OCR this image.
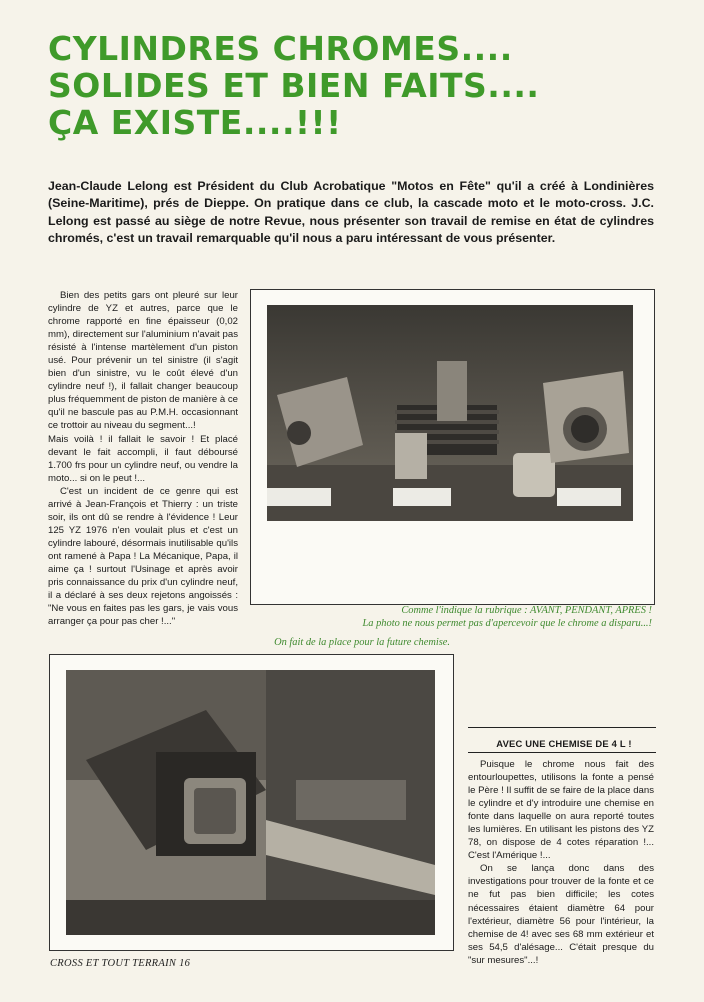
CYLINDRES CHROMES....
SOLIDES ET BIEN FAITS....
ÇA EXISTE....!!!

Jean-Claude Lelong est Président du Club Acrobatique "Motos en Fête" qu'il a créé à Londinières (Seine-Maritime), prés de Dieppe. On pratique dans ce club, la cascade moto et le moto-cross. J.C. Lelong est passé au siège de notre Revue, nous présenter son travail de remise en état de cylindres chromés, c'est un travail remarquable qu'il nous a paru intéressant de vous présenter.

Bien des petits gars ont pleuré sur leur cylindre de YZ et autres, parce que le chrome rapporté en fine épaisseur (0,02 mm), directement sur l'aluminium n'avait pas résisté à l'intense martèlement d'un piston usé. Pour prévenir un tel sinistre (il s'agit bien d'un sinistre, vu le coût élevé d'un cylindre neuf !), il fallait changer beaucoup plus fréquemment de piston de manière à ce qu'il ne bascule pas au P.M.H. occasionnant ce trottoir au niveau du segment...!

Mais voilà ! il fallait le savoir ! Et placé devant le fait accompli, il faut déboursé 1.700 frs pour un cylindre neuf, ou vendre la moto... si on le peut !...

C'est un incident de ce genre qui est arrivé à Jean-François et Thierry : un triste soir, ils ont dû se rendre à l'évidence ! Leur 125 YZ 1976 n'en voulait plus et c'est un cylindre labouré, désormais inutilisable qu'ils ont ramené à Papa ! La Mécanique, Papa, il aime ça ! surtout l'Usinage et après avoir pris connaissance du prix d'un cylindre neuf, il a déclaré à ses deux rejetons angoissés : "Ne vous en faites pas les gars, je vais vous arranger ça pour pas cher !..."

Comme l'indique la rubrique : AVANT, PENDANT, APRES !
La photo ne nous permet pas d'apercevoir que le chrome a disparu...!
On fait de la place pour la future chemise.
AVEC UNE CHEMISE DE 4 L !

Puisque le chrome nous fait des entourloupettes, utilisons la fonte a pensé le Père ! Il suffit de se faire de la place dans le cylindre et d'y introduire une chemise en fonte dans laquelle on aura reporté toutes les lumières. En utilisant les pistons des YZ 78, on dispose de 4 cotes réparation !... C'est l'Amérique !...

On se lança donc dans des investigations pour trouver de la fonte et ce ne fut pas bien difficile; les cotes nécessaires étaient diamètre 64 pour l'extérieur, diamètre 56 pour l'intérieur, la chemise de 4! avec ses 68 mm extérieur et ses 54,5 d'alésage... C'était presque du "sur mesures"...!

CROSS ET TOUT TERRAIN 16
